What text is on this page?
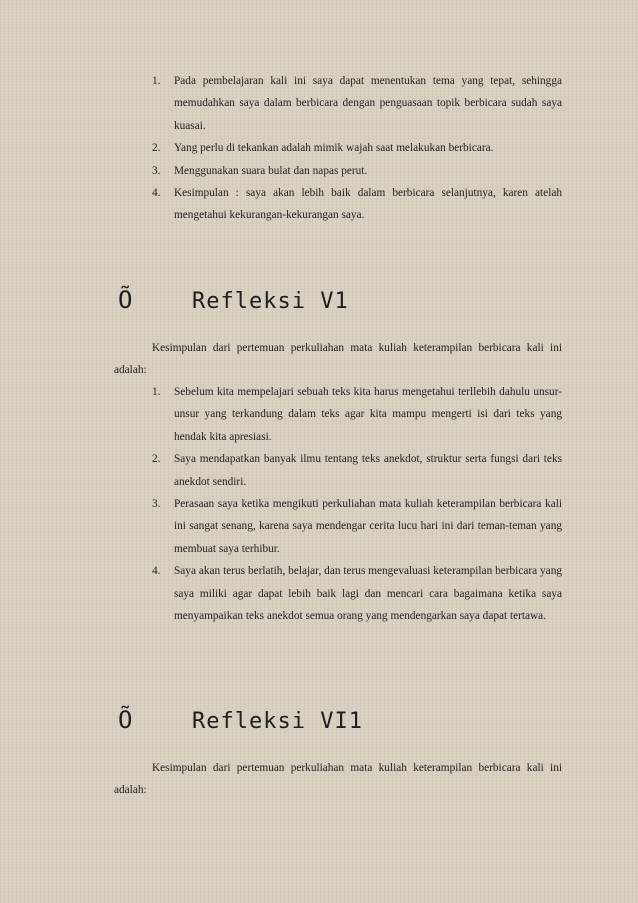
1. Pada pembelajaran kali ini saya dapat menentukan tema yang tepat, sehingga memudahkan saya dalam berbicara dengan penguasaan topik berbicara sudah saya kuasai.
2. Yang perlu di tekankan adalah mimik wajah saat melakukan berbicara.
3. Menggunakan suara bulat dan napas perut.
4. Kesimpulan : saya akan lebih baik dalam berbicara selanjutnya, karen atelah mengetahui kekurangan-kekurangan saya.
Õ	Refleksi V1
Kesimpulan dari pertemuan perkuliahan mata kuliah keterampilan berbicara kali ini adalah:
1. Sebelum kita mempelajari sebuah teks kita harus mengetahui terllebih dahulu unsur-unsur yang terkandung dalam teks agar kita mampu mengerti isi dari teks yang hendak kita apresiasi.
2. Saya mendapatkan banyak ilmu tentang teks anekdot, struktur serta fungsi dari teks anekdot sendiri.
3. Perasaan saya ketika mengikuti perkuliahan mata kuliah keterampilan berbicara kali ini sangat senang, karena saya mendengar cerita lucu hari ini dari teman-teman yang membuat saya terhibur.
4. Saya akan terus berlatih, belajar, dan terus mengevaluasi keterampilan berbicara yang saya miliki agar dapat lebih baik lagi dan mencari cara bagaimana ketika saya menyampaikan teks anekdot semua orang yang mendengarkan saya dapat tertawa.
Õ	Refleksi VI1
Kesimpulan dari pertemuan perkuliahan mata kuliah keterampilan berbicara kali ini adalah:
